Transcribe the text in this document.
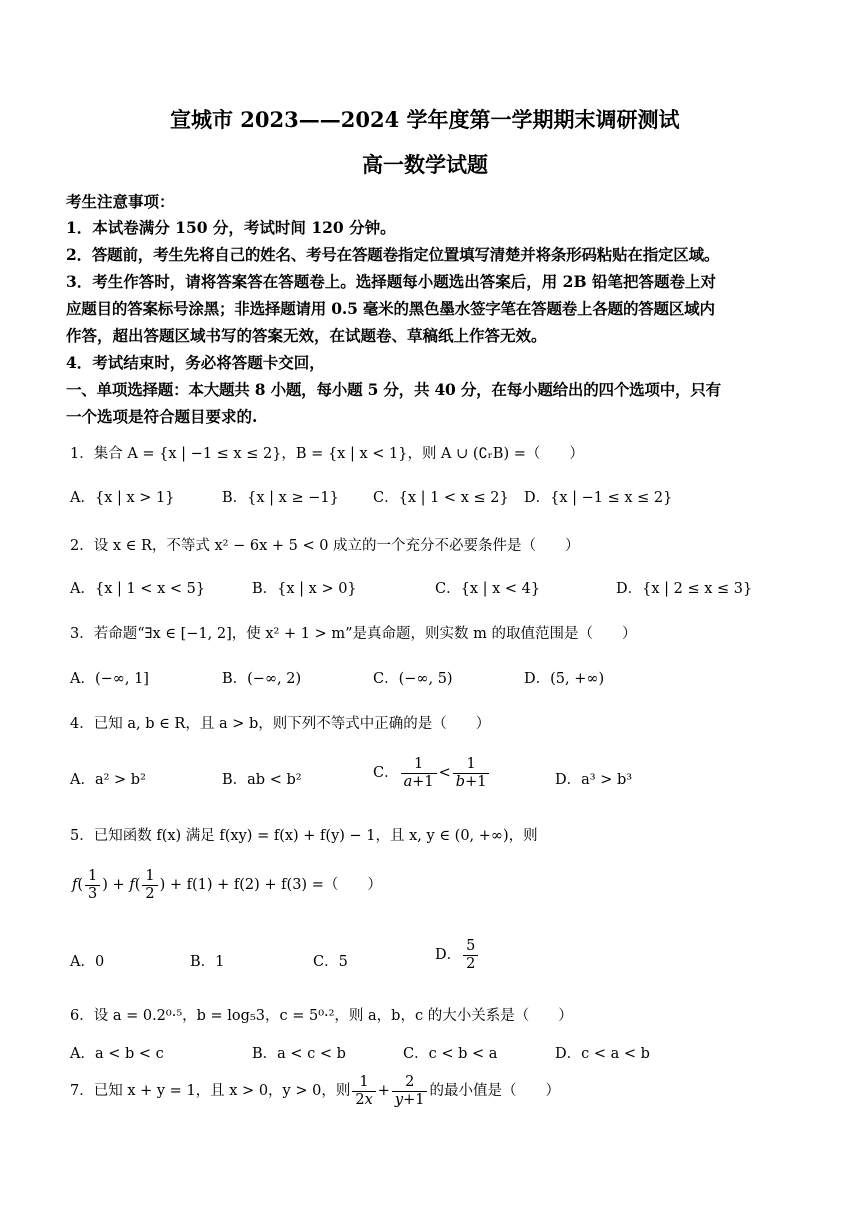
宣城市 2023——2024 学年度第一学期期末调研测试
高一数学试题
考生注意事项：
1．本试卷满分 150 分，考试时间 120 分钟。
2．答题前，考生先将自己的姓名、考号在答题卷指定位置填写清楚并将条形码粘贴在指定区域。
3．考生作答时，请将答案答在答题卷上。选择题每小题选出答案后，用 2B 铅笔把答题卷上对
应题目的答案标号涂黑；非选择题请用 0.5 毫米的黑色墨水签字笔在答题卷上各题的答题区域内
作答，超出答题区域书写的答案无效，在试题卷、草稿纸上作答无效。
4．考试结束时，务必将答题卡交回，
一、单项选择题：本大题共 8 小题，每小题 5 分，共 40 分，在每小题给出的四个选项中，只有
一个选项是符合题目要求的.
1．集合 A = {x | −1 ≤ x ≤ 2}，B = {x | x < 1}，则 A ∪ (∁ᵣB) =（　　）
A．{x | x > 1}	B．{x | x ≥ −1} C．{x | 1 < x ≤ 2} D．{x | −1 ≤ x ≤ 2}
2．设 x ∈ R，不等式 x² − 6x + 5 < 0 成立的一个充分不必要条件是（　　）
A．{x | 1 < x < 5}	B．{x | x > 0}	C．{x | x < 4}	D．{x | 2 ≤ x ≤ 3}
3．若命题“∃x ∈ [−1, 2]，使 x² + 1 > m”是真命题，则实数 m 的取值范围是（　　）
A．(−∞, 1]	B．(−∞, 2)	C．(−∞, 5)	D．(5, +∞)
4．已知 a, b ∈ R，且 a > b，则下列不等式中正确的是（　　）
A．a² > b²	B．ab < b²	C． $\frac{1}{a+1} < \frac{1}{b+1}$	D．a³ > b³
5．已知函数 f(x) 满足 f(xy) = f(x) + f(y) − 1，且 x, y ∈ (0, +∞)，则
$f( \frac{1}{3}$ ) + $f( \frac{1}{2}$ ) + f(1) + f(2) + f(3) =（　　）
A．0	B．1	C．5	D． $\frac{5}{2}$
6．设 a = 0.2⁰·⁵，b = log₅3，c = 5⁰·²，则 a，b，c 的大小关系是（　　）
A．a < b < c	B．a < c < b	C．c < b < a	D．c < a < b
7．已知 x + y = 1，且 x > 0，y > 0，则 $\frac{1}{2x} + \frac{2}{y+1}$ 的最小值是（　　）
